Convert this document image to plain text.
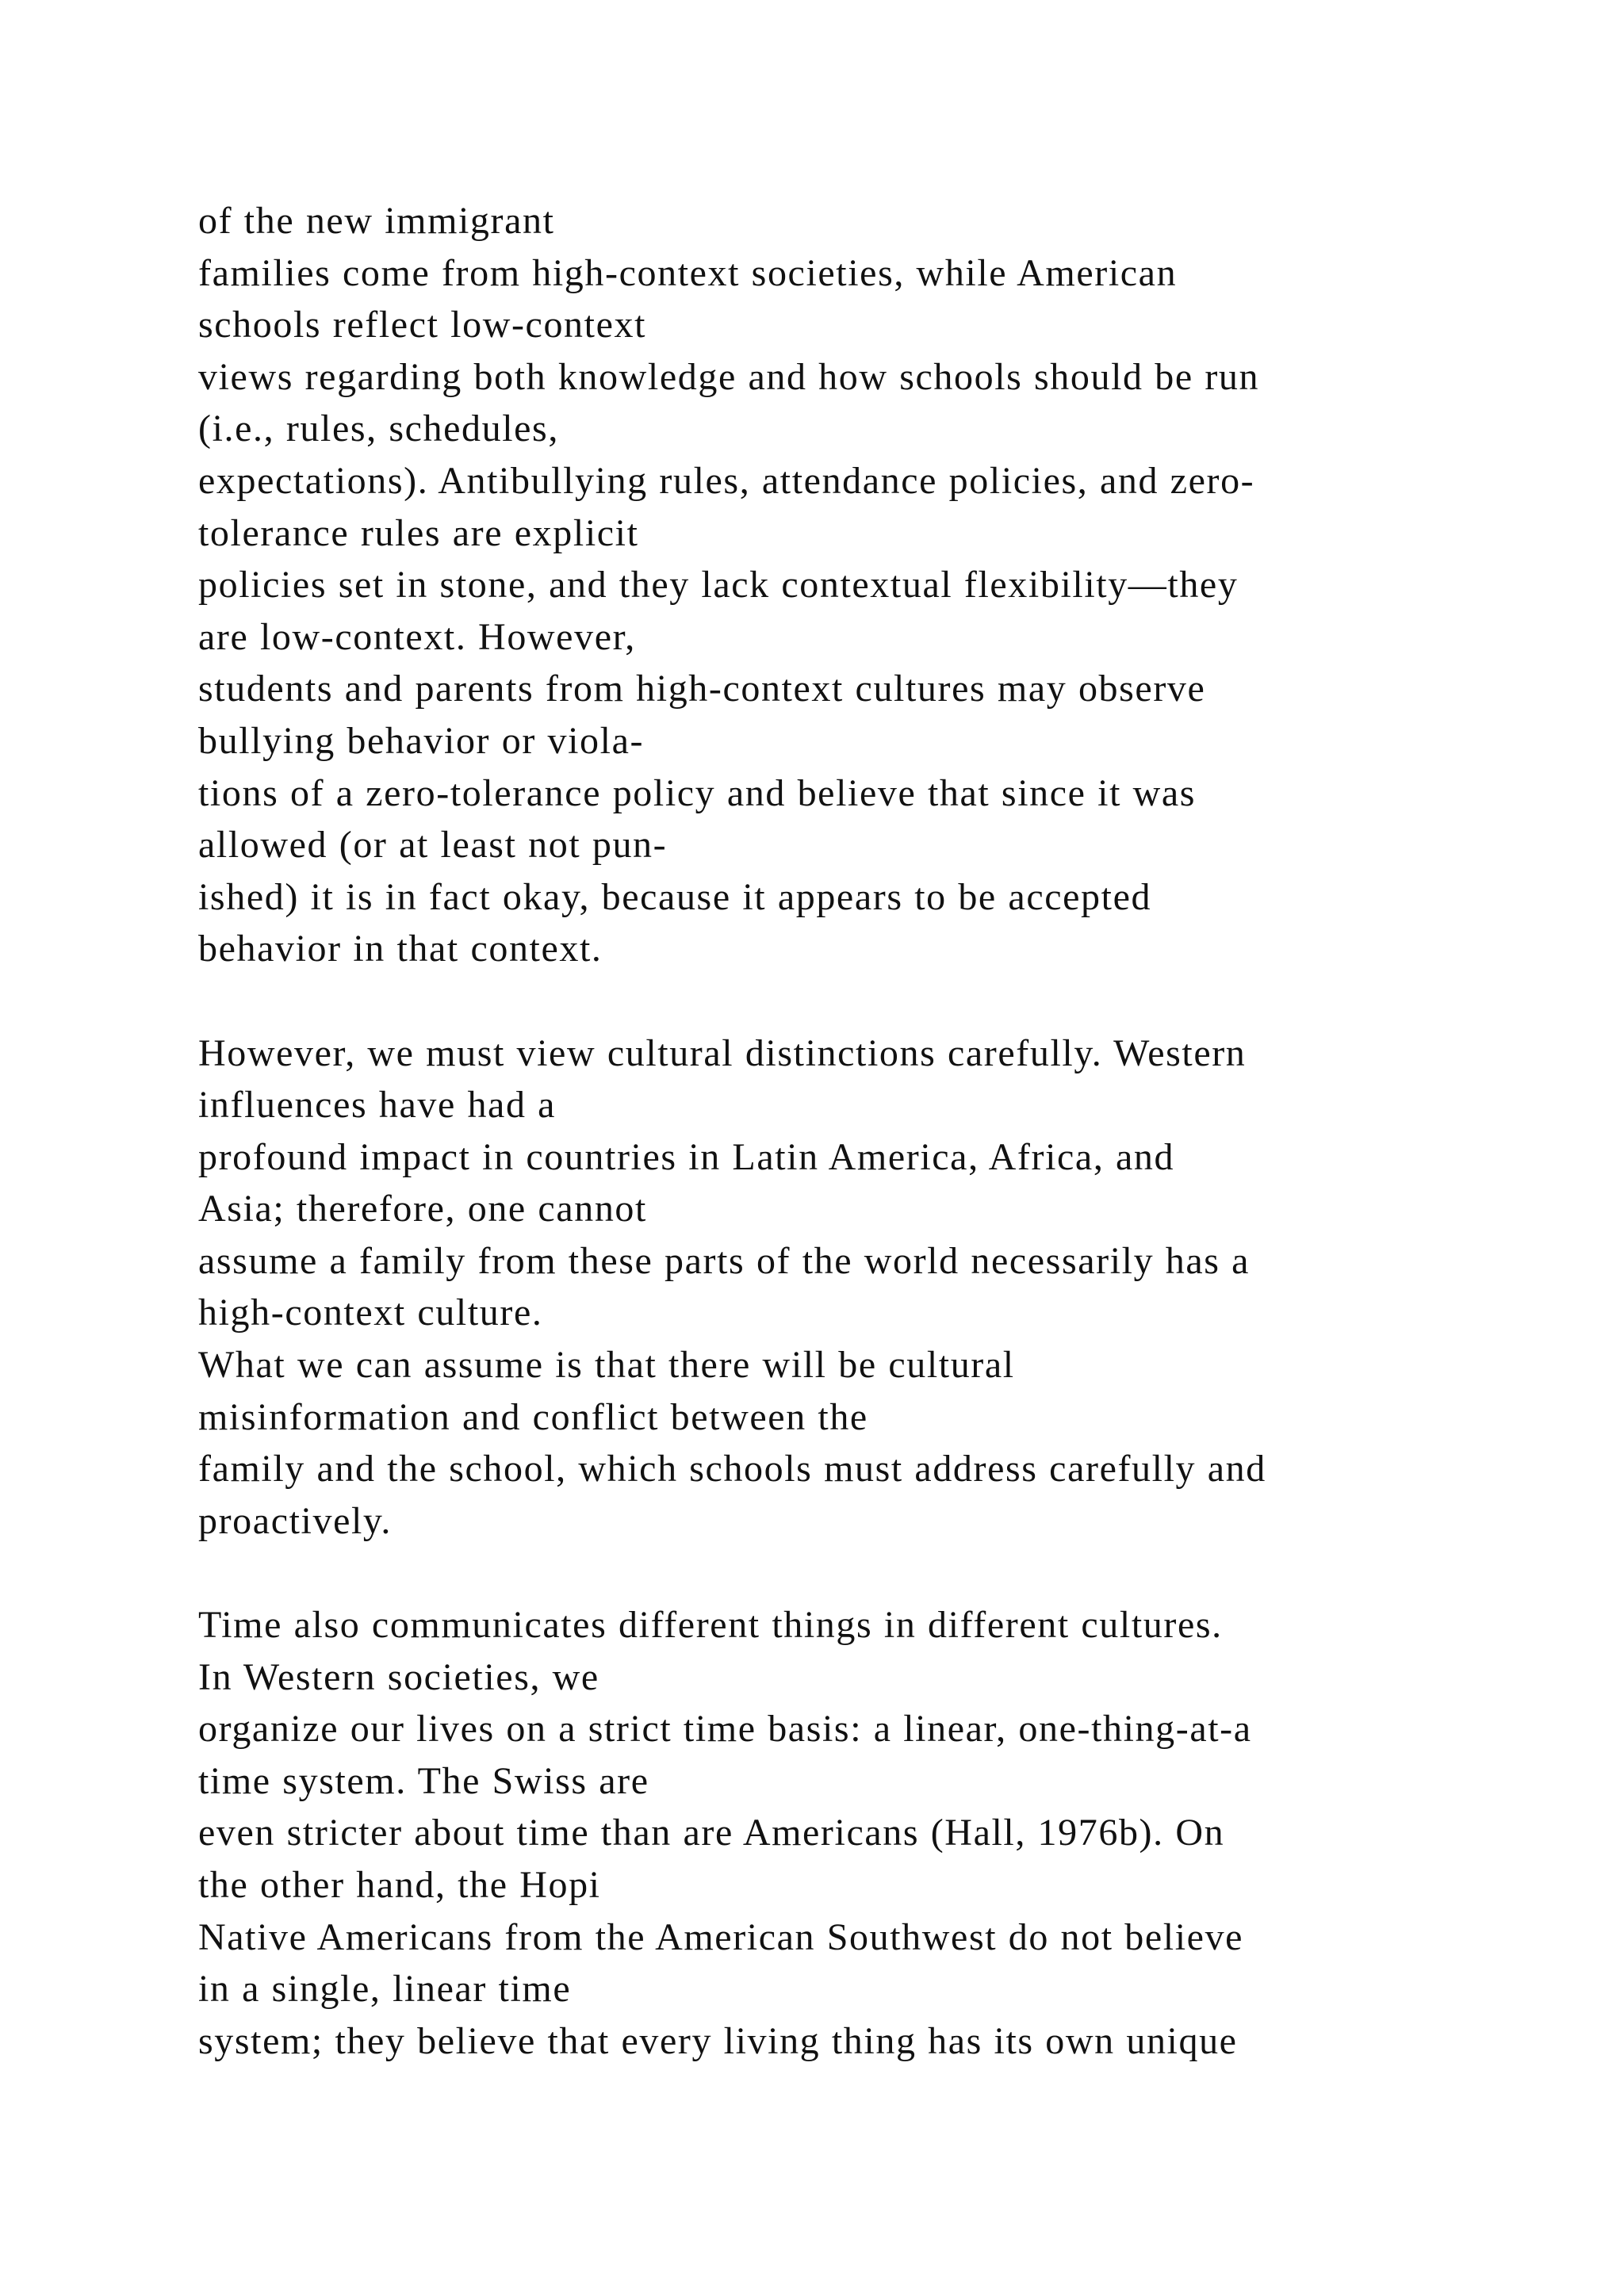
of the new immigrant
families come from high-context societies, while American
schools reflect low-context
views regarding both knowledge and how schools should be run
(i.e., rules, schedules,
expectations). Antibullying rules, attendance policies, and zero-
tolerance rules are explicit
policies set in stone, and they lack contextual flexibility—they
are low-context. However,
students and parents from high-context cultures may observe
bullying behavior or viola-
tions of a zero-tolerance policy and believe that since it was
allowed (or at least not pun-
ished) it is in fact okay, because it appears to be accepted
behavior in that context.
However, we must view cultural distinctions carefully. Western
influences have had a
profound impact in countries in Latin America, Africa, and
Asia; therefore, one cannot
assume a family from these parts of the world necessarily has a
high-context culture.
What we can assume is that there will be cultural
misinformation and conflict between the
family and the school, which schools must address carefully and
proactively.
Time also communicates different things in different cultures.
In Western societies, we
organize our lives on a strict time basis: a linear, one-thing-at-a
time system. The Swiss are
even stricter about time than are Americans (Hall, 1976b). On
the other hand, the Hopi
Native Americans from the American Southwest do not believe
in a single, linear time
system; they believe that every living thing has its own unique
